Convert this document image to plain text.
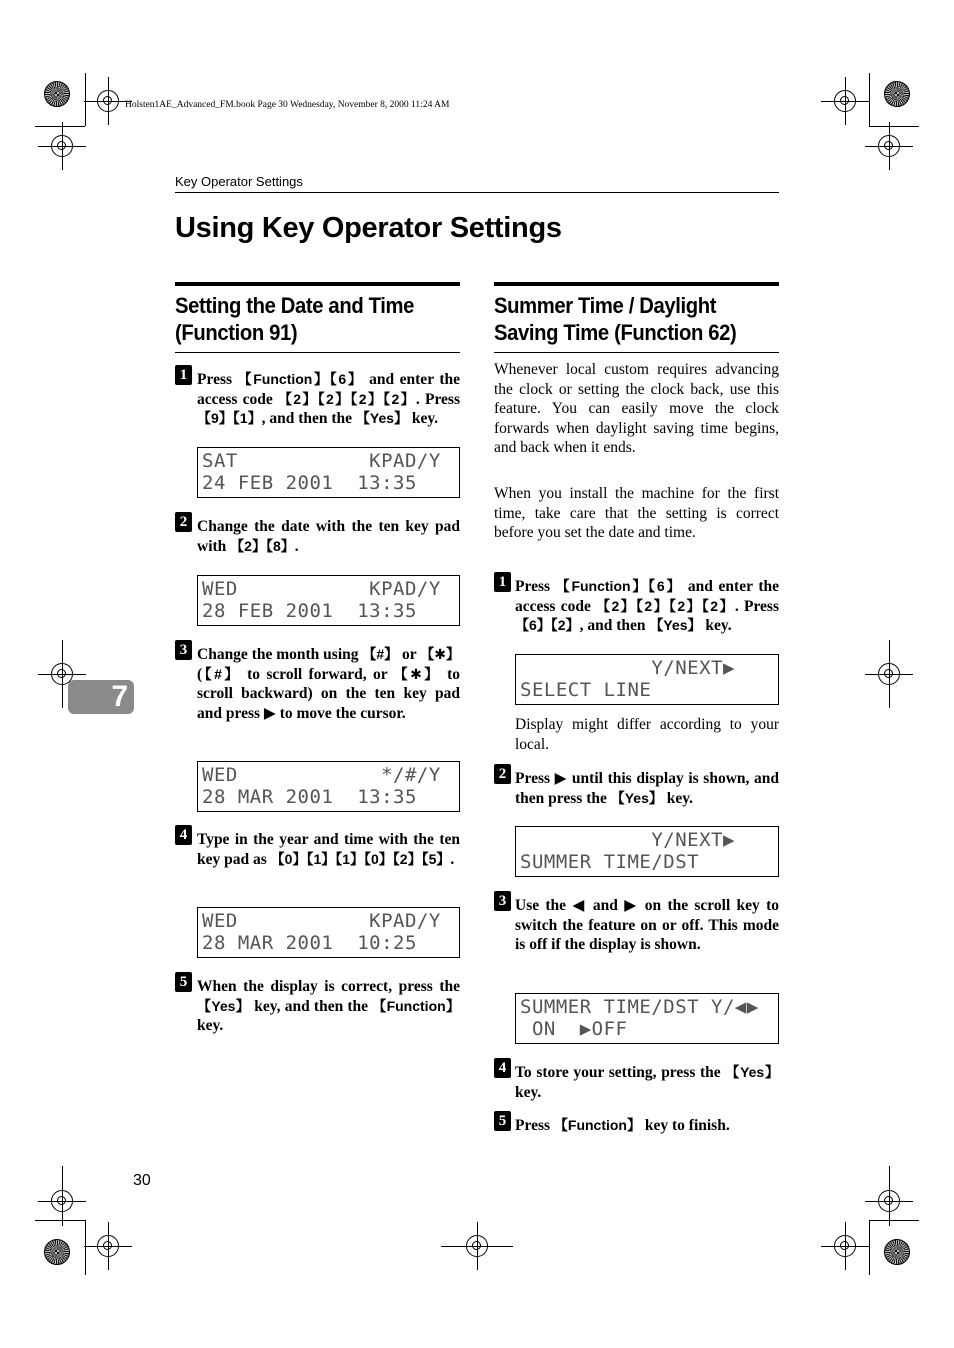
Holsten1AE_Advanced_FM.book Page 30 Wednesday, November 8, 2000 11:24 AM
Key Operator Settings
Using Key Operator Settings
Setting the Date and Time
(Function 91)
1 Press 【Function】【6】 and enter the access code 【2】【2】【2】【2】. Press 【9】【1】, and then the 【Yes】 key.
SAT           KPAD/Y
24 FEB 2001  13:35
2 Change the date with the ten key pad with 【2】【8】.
WED           KPAD/Y
28 FEB 2001  13:35
3 Change the month using 【#】 or 【✱】 (【#】 to scroll forward, or 【✱】 to scroll backward) on the ten key pad and press ▶ to move the cursor.
WED            */#/Y
28 MAR 2001  13:35
4 Type in the year and time with the ten key pad as 【0】【1】【1】【0】【2】【5】.
WED           KPAD/Y
28 MAR 2001  10:25
5 When the display is correct, press the 【Yes】 key, and then the 【Function】 key.
Summer Time / Daylight
Saving Time (Function 62)
Whenever local custom requires advancing the clock or setting the clock back, use this feature. You can easily move the clock forwards when daylight saving time begins, and back when it ends.
When you install the machine for the first time, take care that the setting is correct before you set the date and time.
1 Press 【Function】【6】 and enter the access code 【2】【2】【2】【2】. Press 【6】【2】, and then 【Yes】 key.
Y/NEXT▶
SELECT LINE
Display might differ according to your local.
2 Press ▶ until this display is shown, and then press the 【Yes】 key.
Y/NEXT▶
SUMMER TIME/DST
3 Use the ◀ and ▶ on the scroll key to switch the feature on or off. This mode is off if the display is shown.
SUMMER TIME/DST Y/◀▶
ON  ▶OFF
4 To store your setting, press the 【Yes】 key.
5 Press 【Function】 key to finish.
7
30
